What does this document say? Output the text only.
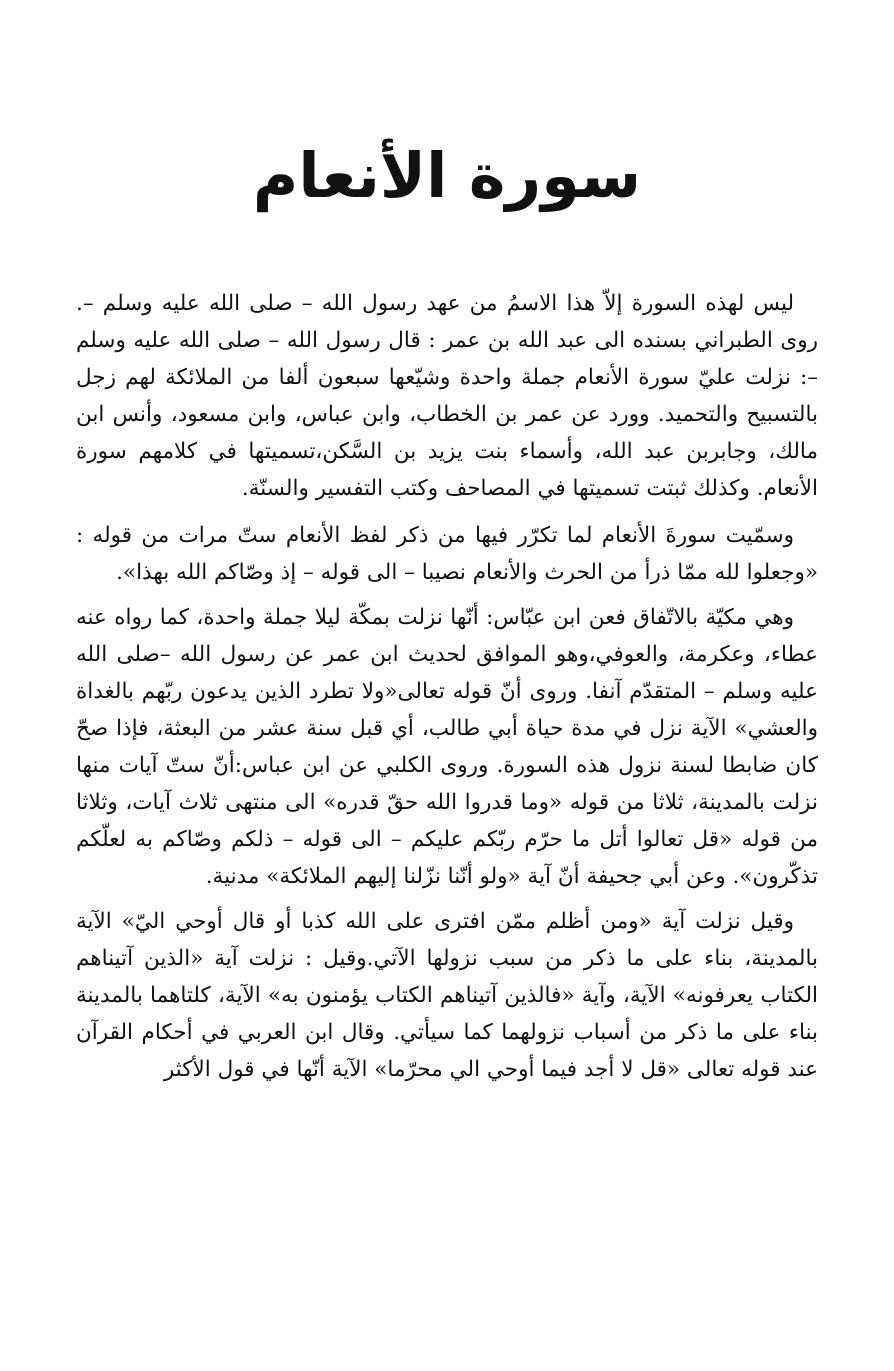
سورة الأنعام

ليس لهذه السورة إلاّ هذا الاسمُ من عهد رسول الله – صلى الله عليه وسلم –. روى الطبراني بسنده الى عبد الله بن عمر : قال رسول الله – صلى الله عليه وسلم –: نزلت عليّ سورة الأنعام جملة واحدة وشيّعها سبعون ألفا من الملائكة لهم زجل بالتسبيح والتحميد. وورد عن عمر بن الخطاب، وابن عباس، وابن مسعود، وأنس ابن مالك، وجابربن عبد الله، وأسماء بنت يزيد بن السَّكن،تسميتها في كلامهم سورة الأنعام. وكذلك ثبتت تسميتها في المصاحف وكتب التفسير والسنّة.

وسمّيت سورةَ الأنعام لما تكرّر فيها من ذكر لفظ الأنعام ستّ مرات من قوله : «وجعلوا لله ممّا ذرأ من الحرث والأنعام نصيبا – الى قوله – إذ وصّاكم الله بهذا».

وهي مكيّة بالاتّفاق فعن ابن عبّاس: أنّها نزلت بمكّة ليلا جملة واحدة، كما رواه عنه عطاء، وعكرمة، والعوفي،وهو الموافق لحديث ابن عمر عن رسول الله –صلى الله عليه وسلم – المتقدّم آنفا. وروى أنّ قوله تعالى«ولا تطرد الذين يدعون ربّهم بالغداة والعشي» الآية نزل في مدة حياة أبي طالب، أي قبل سنة عشر من البعثة، فإذا صحّ كان ضابطا لسنة نزول هذه السورة. وروى الكلبي عن ابن عباس:أنّ ستّ آيات منها نزلت بالمدينة، ثلاثا من قوله «وما قدروا الله حقّ قدره» الى منتهى ثلاث آيات، وثلاثا من قوله «قل تعالوا أتل ما حرّم ربّكم عليكم – الى قوله – ذلكم وصّاكم به لعلّكم تذكّرون». وعن أبي جحيفة أنّ آية «ولو أنّنا نزّلنا إليهم الملائكة» مدنية.

وقيل نزلت آية «ومن أظلم ممّن افترى على الله كذبا أو قال أوحي اليّ» الآية بالمدينة، بناء على ما ذكر من سبب نزولها الآتي.وقيل : نزلت آية «الذين آتيناهم الكتاب يعرفونه» الآية، وآية «فالذين آتيناهم الكتاب يؤمنون به» الآية، كلتاهما بالمدينة بناء على ما ذكر من أسباب نزولهما كما سيأتي. وقال ابن العربي في أحكام القرآن عند قوله تعالى «قل لا أجد فيما أوحي الي محرّما» الآية أنّها في قول الأكثر
